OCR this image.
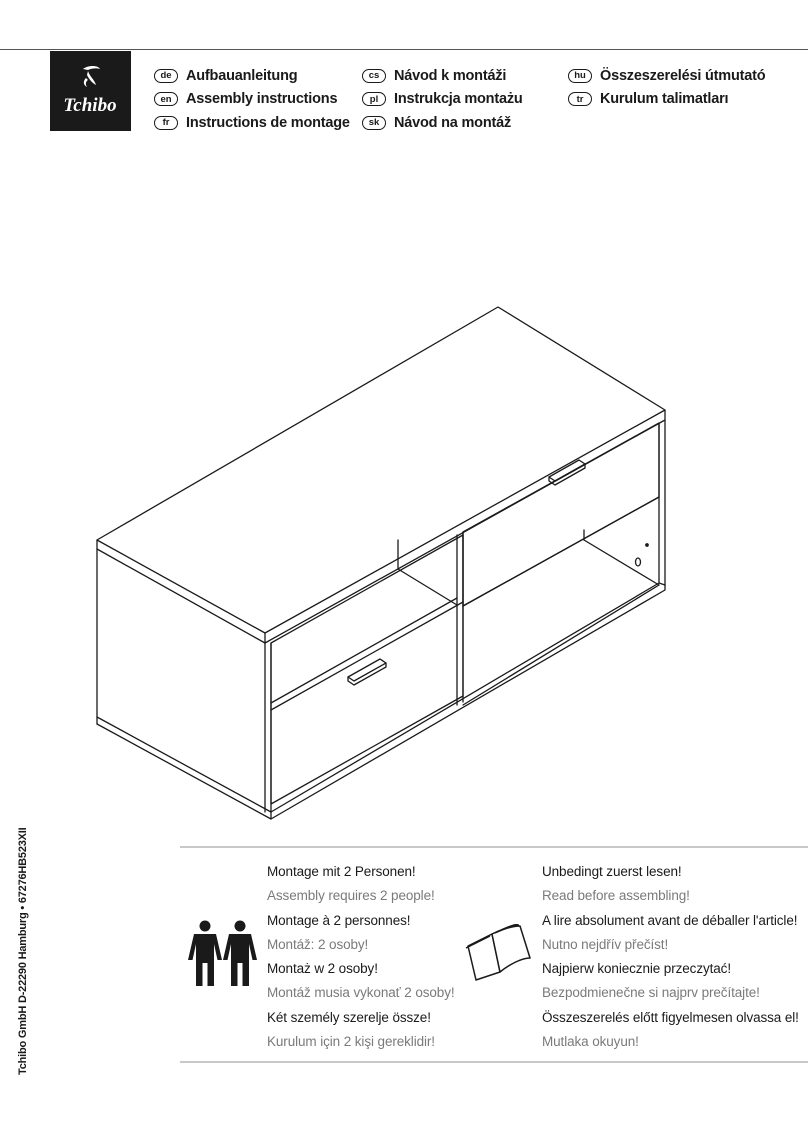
Tchibo
de Aufbauanleitung
en Assembly instructions
fr	Instructions de montage
cs	Návod k montáži
pl	Instrukcja montażu
sk	Návod na montáž
hu Összeszerelési útmutató
tr	Kurulum talimatları
Montage mit 2 Personen!
Assembly requires 2 people!
Montage à 2 personnes!
Montáž: 2 osoby!
Montaż w 2 osoby!
Montáž musia vykonať 2 osoby!
Két személy szerelje össze!
Kurulum için 2 kişi gereklidir!
Unbedingt zuerst lesen!
Read before assembling!
A lire absolument avant de déballer l'article!
Nutno nejdřív přečíst!
Najpierw koniecznie przeczytać!
Bezpodmienečne si najprv prečítajte!
Összeszerelés előtt figyelmesen olvassa el!
Mutlaka okuyun!
Tchibo GmbH D-22290 Hamburg • 67276HB523XII
